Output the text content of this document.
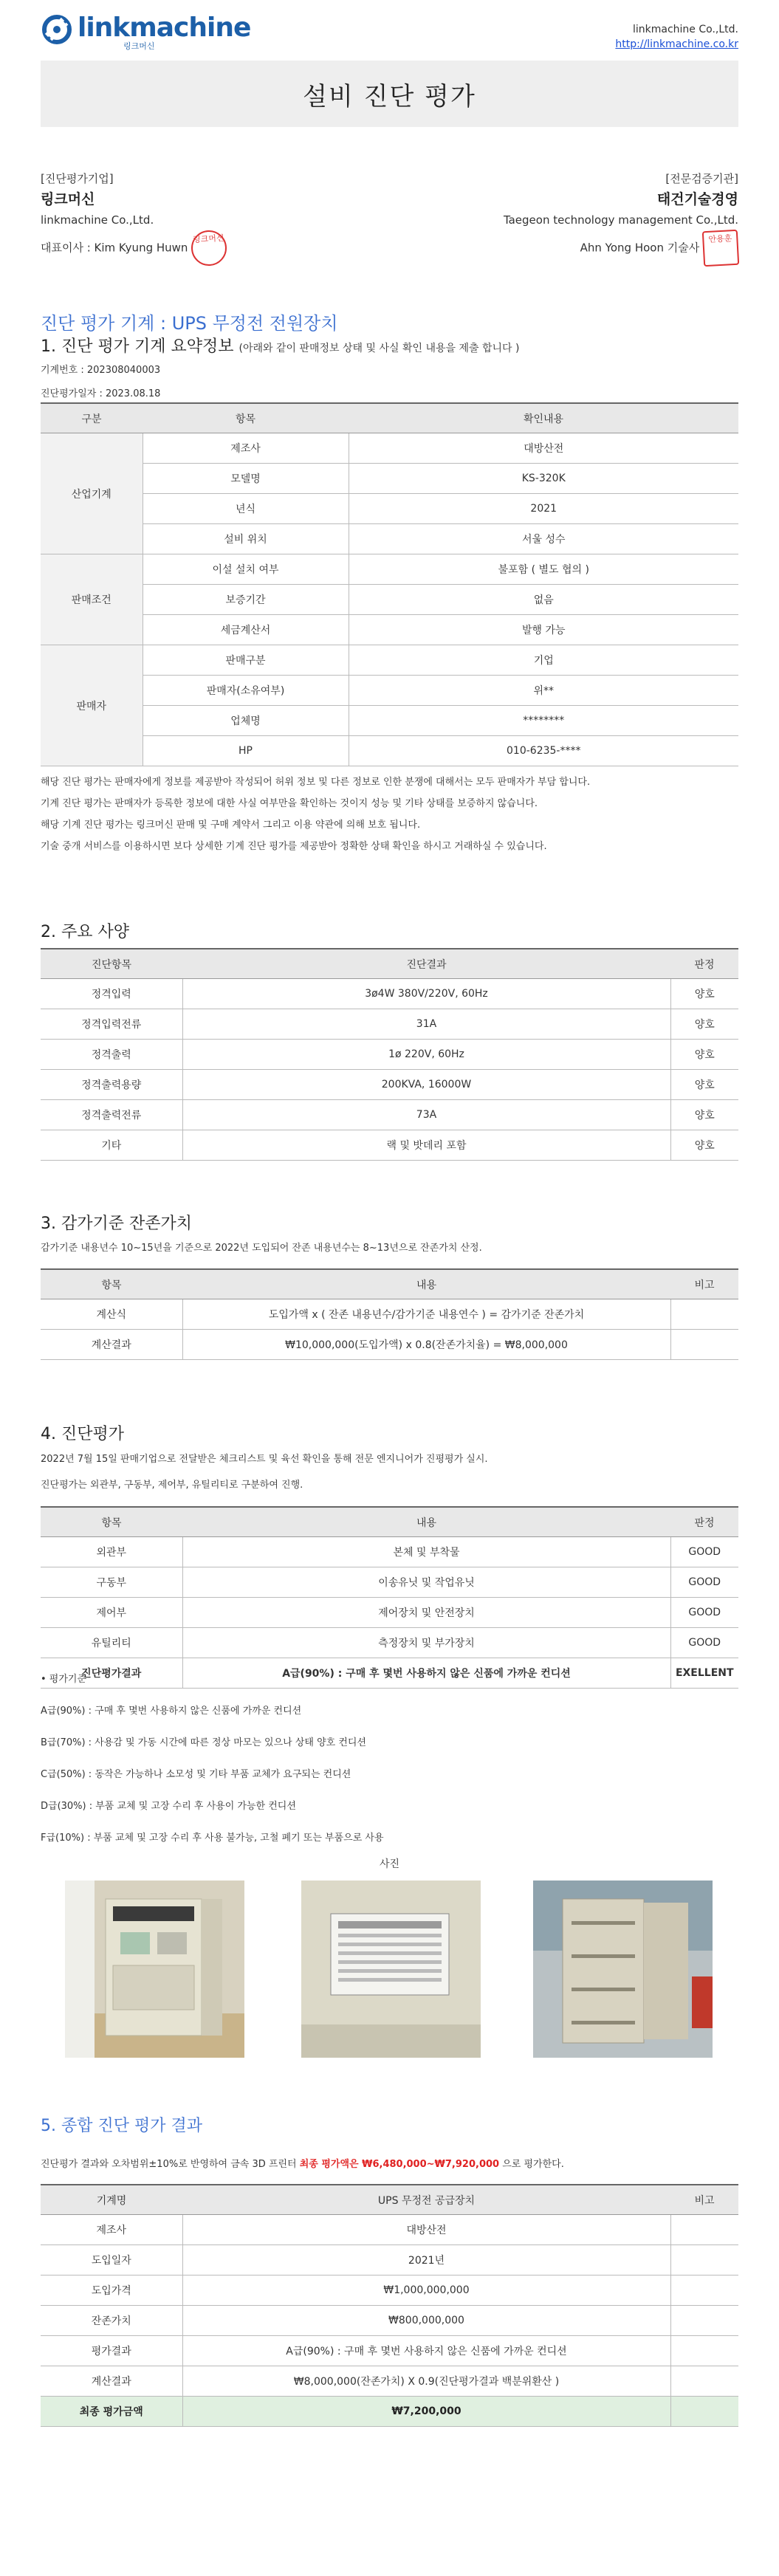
linkmachine
링크머신
linkmachine Co.,Ltd.
http://linkmachine.co.kr
설비 진단 평가
[진단평가기업]
링크머신
linkmachine Co.,Ltd.
대표이사 : Kim Kyung Huwn 링크머신
[전문검증기관]
태건기술경영
Taegeon technology management Co.,Ltd.
Ahn Yong Hoon 기술사 안용훈
진단 평가 기계 : UPS 무정전 전원장치
1. 진단 평가 기계 요약정보 (아래와 같이 판매정보 상태 및 사실 확인 내용을 제출 합니다 )
기계번호 : 202308040003
진단평가일자 : 2023.08.18
구분	항목	확인내용
산업기계	제조사	대방산전
	모델명	KS-320K
	년식	2021
	설비 위치	서울 성수
판매조건	이설 설치 여부	불포함 ( 별도 협의 )
	보증기간	없음
	세금계산서	발행 가능
판매자	판매구분	기업
	판매자(소유여부)	위**
	업체명	********
	HP	010-6235-****
해당 진단 평가는 판매자에게 정보를 제공받아 작성되어 허위 정보 및 다른 정보로 인한 분쟁에 대해서는 모두 판매자가 부담 합니다.
기계 진단 평가는 판매자가 등록한 정보에 대한 사실 여부만을 확인하는 것이지 성능 및 기타 상태를 보증하지 않습니다.
해당 기계 진단 평가는 링크머신 판매 및 구매 계약서 그리고 이용 약관에 의해 보호 됩니다.
기술 중개 서비스를 이용하시면 보다 상세한 기계 진단 평가를 제공받아 정확한 상태 확인을 하시고 거래하실 수 있습니다.
2. 주요 사양
진단항목	진단결과	판정
정격입력	3ø4W 380V/220V, 60Hz	양호
정격입력전류	31A	양호
정격출력	1ø 220V, 60Hz	양호
정격출력용량	200KVA, 16000W	양호
정격출력전류	73A	양호
기타	랙 및 밧데리 포함	양호
3. 감가기준 잔존가치
감가기준 내용년수 10~15년을 기준으로 2022년 도입되어 잔존 내용년수는 8~13년으로 잔존가치 산정.
항목	내용	비고
계산식	도입가액 x ( 잔존 내용년수/감가기준 내용연수 ) = 감가기준 잔존가치	
계산결과	₩10,000,000(도입가액) x 0.8(잔존가치율) = ₩8,000,000	
4. 진단평가
2022년 7월 15일 판매기업으로 전달받은 체크리스트 및 육선 확인을 통해 전문 엔지니어가 진평평가 실시.
진단평가는 외관부, 구동부, 제어부, 유틸리티로 구분하여 진행.
항목	내용	판정
외관부	본체 및 부착물	GOOD
구동부	이송유닛 및 작업유닛	GOOD
제어부	제어장치 및 안전장치	GOOD
유틸리티	측정장치 및 부가장치	GOOD
진단평가결과	A급(90%) : 구매 후 몇번 사용하지 않은 신품에 가까운 컨디션	EXELLENT
• 평가기준
A급(90%) : 구매 후 몇번 사용하지 않은 신품에 가까운 컨디션
B급(70%) : 사용감 및 가동 시간에 따른 정상 마모는 있으나 상태 양호 컨디션
C급(50%) : 동작은 가능하나 소모성 및 기타 부품 교체가 요구되는 컨디션
D급(30%) : 부품 교체 및 고장 수리 후 사용이 가능한 컨디션
F급(10%) : 부품 교체 및 고장 수리 후 사용 불가능, 고철 폐기 또는 부품으로 사용
사진
5. 종합 진단 평가 결과
진단평가 결과와 오차범위±10%로 반영하여 금속 3D 프린터 최종 평가액은 ₩6,480,000~₩7,920,000 으로 평가한다.
기계명	UPS 무정전 공급장치	비고
제조사	대방산전	
도입일자	2021년	
도입가격	₩1,000,000,000	
잔존가치	₩800,000,000	
평가결과	A급(90%) : 구매 후 몇번 사용하지 않은 신품에 가까운 컨디션	
계산결과	₩8,000,000(잔존가치) X 0.9(진단평가결과 백분위환산 )	
최종 평가금액	₩7,200,000	
